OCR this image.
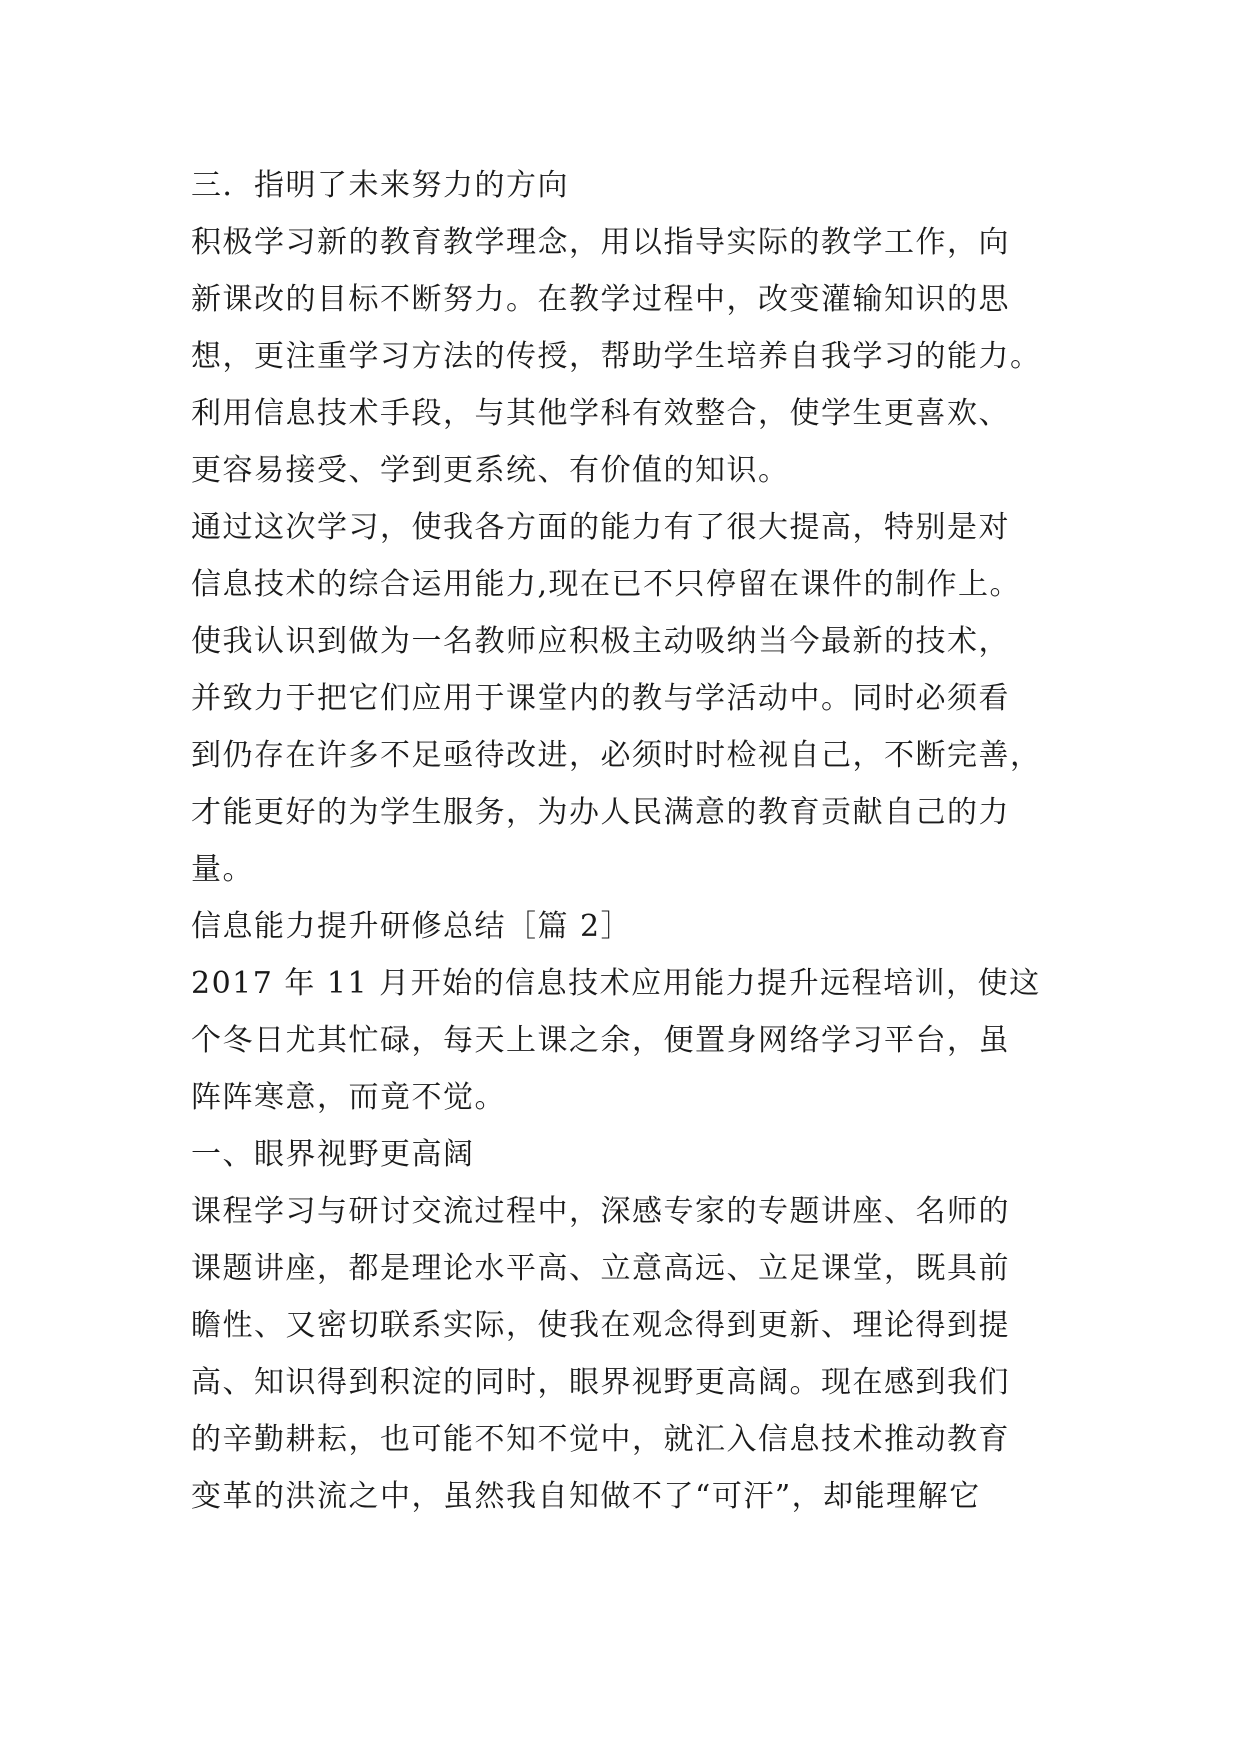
三．指明了未来努力的方向
积极学习新的教育教学理念，用以指导实际的教学工作，向
新课改的目标不断努力。在教学过程中，改变灌输知识的思
想，更注重学习方法的传授，帮助学生培养自我学习的能力。
利用信息技术手段，与其他学科有效整合，使学生更喜欢、
更容易接受、学到更系统、有价值的知识。
通过这次学习，使我各方面的能力有了很大提高，特别是对
信息技术的综合运用能力,现在已不只停留在课件的制作上。
使我认识到做为一名教师应积极主动吸纳当今最新的技术，
并致力于把它们应用于课堂内的教与学活动中。同时必须看
到仍存在许多不足亟待改进，必须时时检视自己，不断完善，
才能更好的为学生服务，为办人民满意的教育贡献自己的力
量。
信息能力提升研修总结［篇 2］
2017 年 11 月开始的信息技术应用能力提升远程培训，使这
个冬日尤其忙碌，每天上课之余，便置身网络学习平台，虽
阵阵寒意，而竟不觉。
一、眼界视野更高阔
课程学习与研讨交流过程中，深感专家的专题讲座、名师的
课题讲座，都是理论水平高、立意高远、立足课堂，既具前
瞻性、又密切联系实际，使我在观念得到更新、理论得到提
高、知识得到积淀的同时，眼界视野更高阔。现在感到我们
的辛勤耕耘，也可能不知不觉中，就汇入信息技术推动教育
变革的洪流之中，虽然我自知做不了“可汗”，却能理解它
